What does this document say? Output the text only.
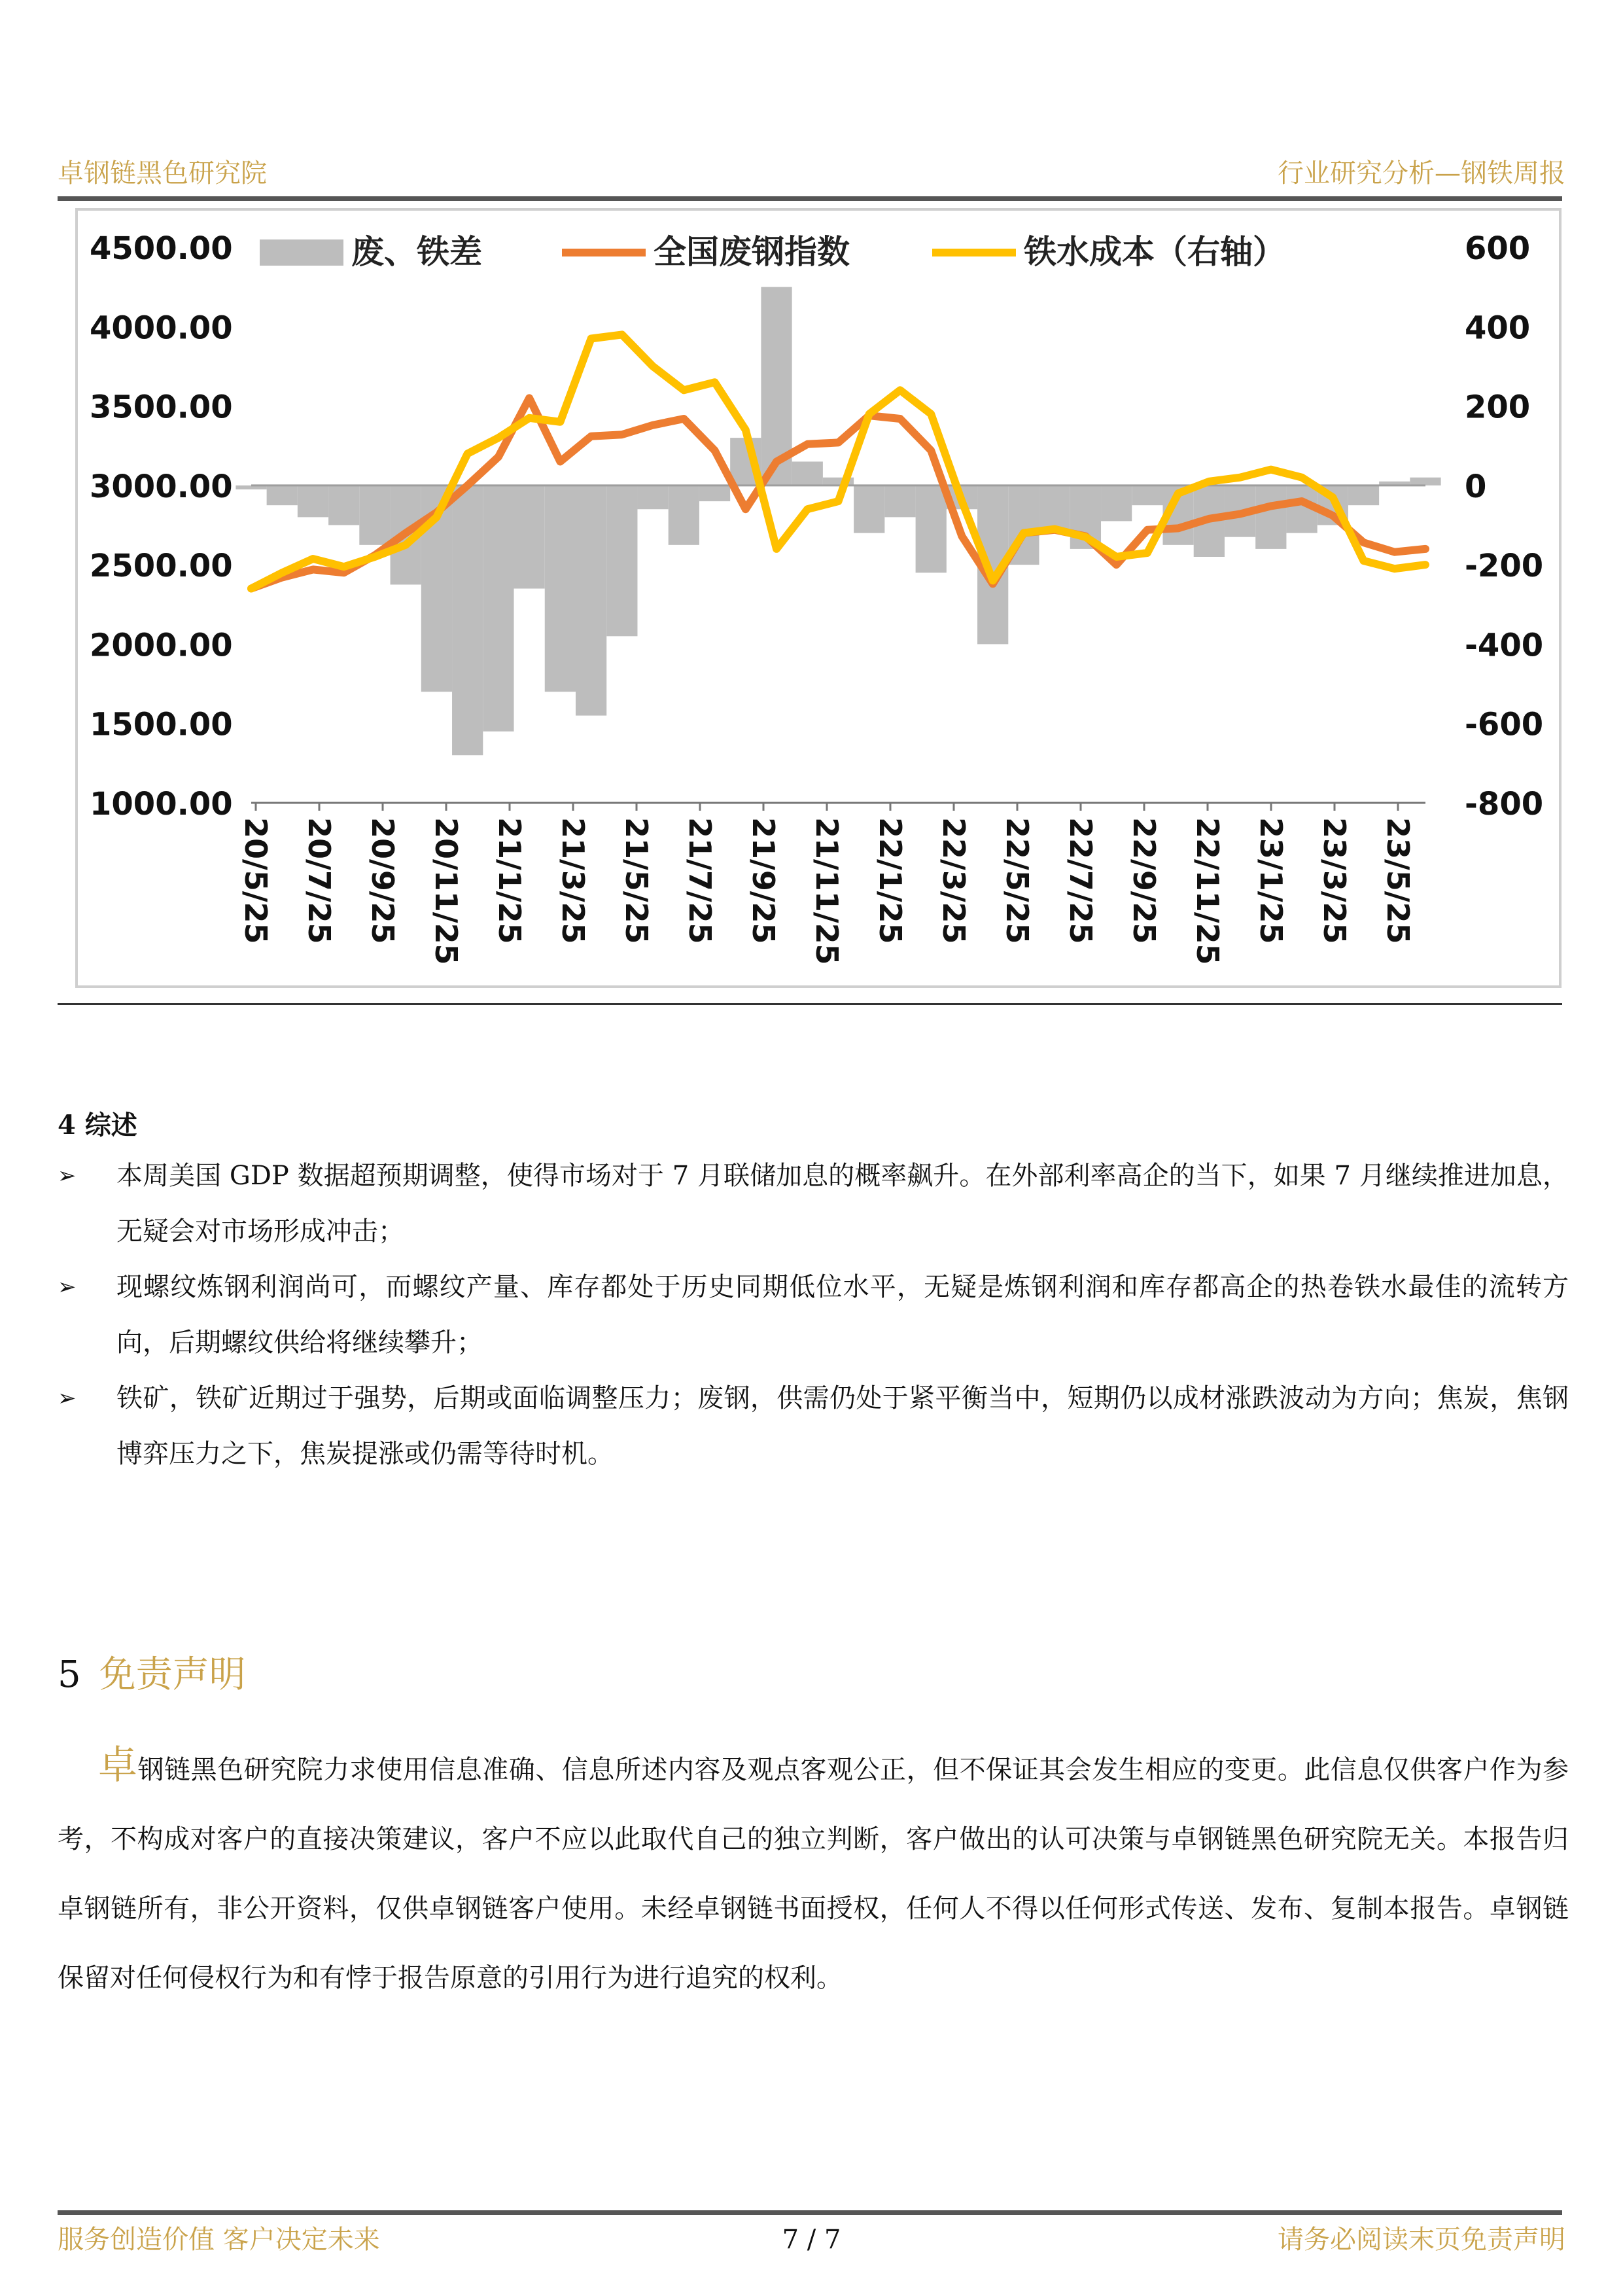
卓钢链黑色研究院	行业研究分析—钢铁周报
废、铁差	全国废钢指数	铁水成本（右轴）
4500.00
4000.00
3500.00
3000.00
2500.00
2000.00
1500.00
1000.00
600
400
200
0
-200
-400
-600
-800
20/5/25 20/7/25 20/9/25 20/11/25 21/1/25 21/3/25 21/5/25 21/7/25 21/9/25 21/11/25 22/1/25 22/3/25 22/5/25 22/7/25 22/9/25 22/11/25 23/1/25 23/3/25 23/5/25
4 综述
➢ 本周美国 GDP 数据超预期调整，使得市场对于 7 月联储加息的概率飙升。在外部利率高企的当下，如果 7 月继续推进加息，无疑会对市场形成冲击；
➢ 现螺纹炼钢利润尚可，而螺纹产量、库存都处于历史同期低位水平，无疑是炼钢利润和库存都高企的热卷铁水最佳的流转方向，后期螺纹供给将继续攀升；
➢ 铁矿，铁矿近期过于强势，后期或面临调整压力；废钢，供需仍处于紧平衡当中，短期仍以成材涨跌波动为方向；焦炭，焦钢博弈压力之下，焦炭提涨或仍需等待时机。
5 免责声明
卓钢链黑色研究院力求使用信息准确、信息所述内容及观点客观公正，但不保证其会发生相应的变更。此信息仅供客户作为参考，不构成对客户的直接决策建议，客户不应以此取代自己的独立判断，客户做出的认可决策与卓钢链黑色研究院无关。本报告归卓钢链所有，非公开资料，仅供卓钢链客户使用。未经卓钢链书面授权，任何人不得以任何形式传送、发布、复制本报告。卓钢链保留对任何侵权行为和有悖于报告原意的引用行为进行追究的权利。
服务创造价值 客户决定未来	7 / 7	请务必阅读末页免责声明
